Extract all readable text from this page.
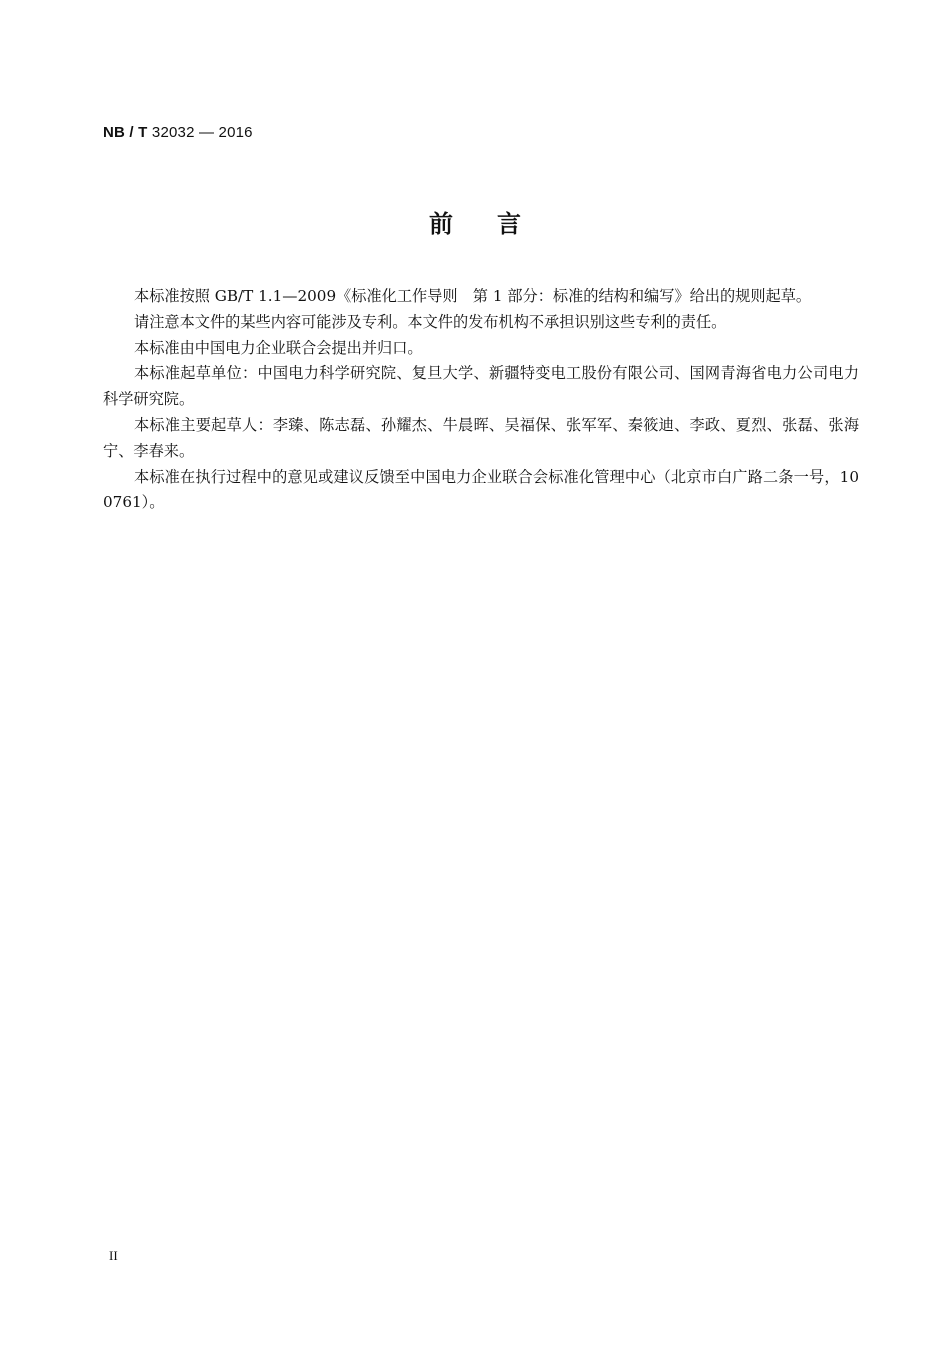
NB / T 32032 — 2016
前言

本标准按照 GB/T 1.1—2009《标准化工作导则　第 1 部分：标准的结构和编写》给出的规则起草。

请注意本文件的某些内容可能涉及专利。本文件的发布机构不承担识别这些专利的责任。

本标准由中国电力企业联合会提出并归口。

本标准起草单位：中国电力科学研究院、复旦大学、新疆特变电工股份有限公司、国网青海省电力公司电力科学研究院。

本标准主要起草人：李臻、陈志磊、孙耀杰、牛晨晖、吴福保、张军军、秦筱迪、李政、夏烈、张磊、张海宁、李春来。

本标准在执行过程中的意见或建议反馈至中国电力企业联合会标准化管理中心（北京市白广路二条一号，100761）。

II
